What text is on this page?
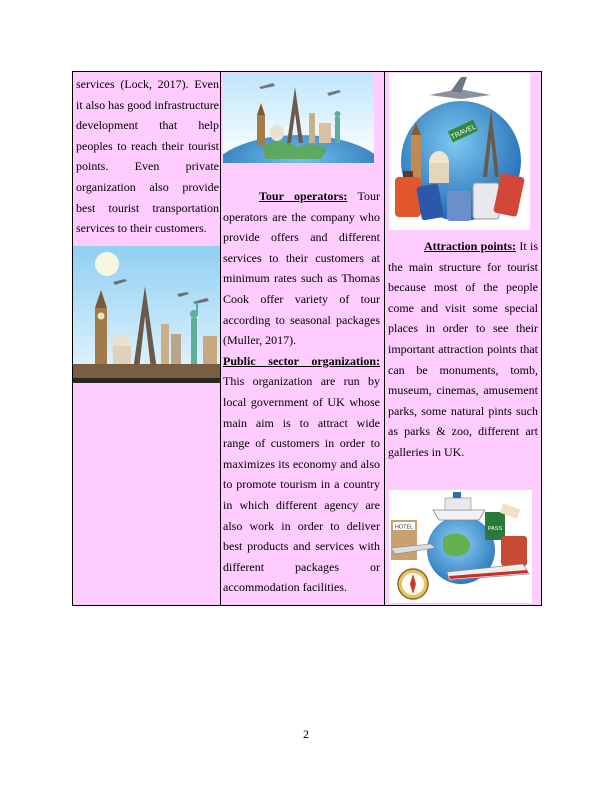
services (Lock, 2017). Even it also has good infrastructure development that help peoples to reach their tourist points. Even private organization also provide best tourist transportation services to their customers.
Tour operators: Tour operators are the company who provide offers and different services to their customers at minimum rates such as Thomas Cook offer variety of tour according to seasonal packages (Muller, 2017).
Public sector organization: This organization are run by local government of UK whose main aim is to attract wide range of customers in order to maximizes its economy and also to promote tourism in a country in which different agency are also work in order to deliver best products and services with different packages or accommodation facilities.
TRAVEL
Attraction points: It is the main structure for tourist because most of the people come and visit some special places in order to see their important attraction points that can be monuments, tomb, museum, cinemas, amusement parks, some natural pints such as parks & zoo, different art galleries in UK.
HOTEL	PASS
2
